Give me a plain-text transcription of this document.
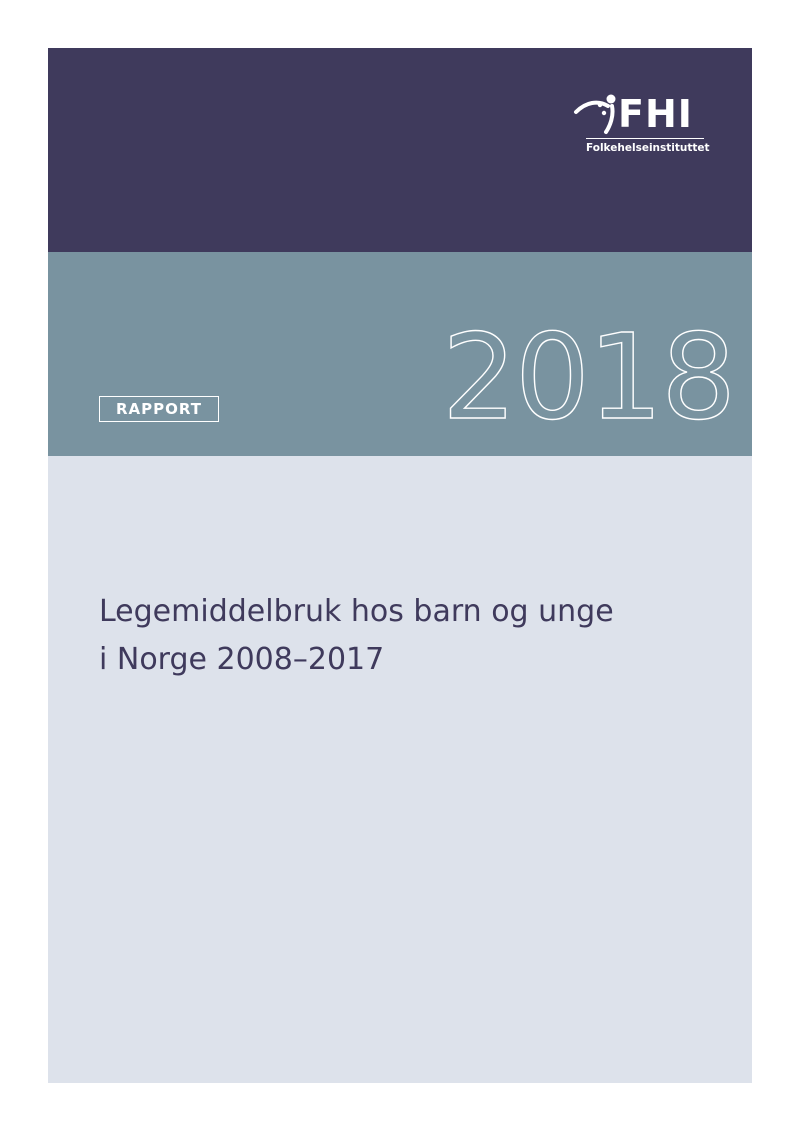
FHI
Folkehelseinstituttet
RAPPORT 2018
Legemiddelbruk hos barn og unge
i Norge 2008–2017
